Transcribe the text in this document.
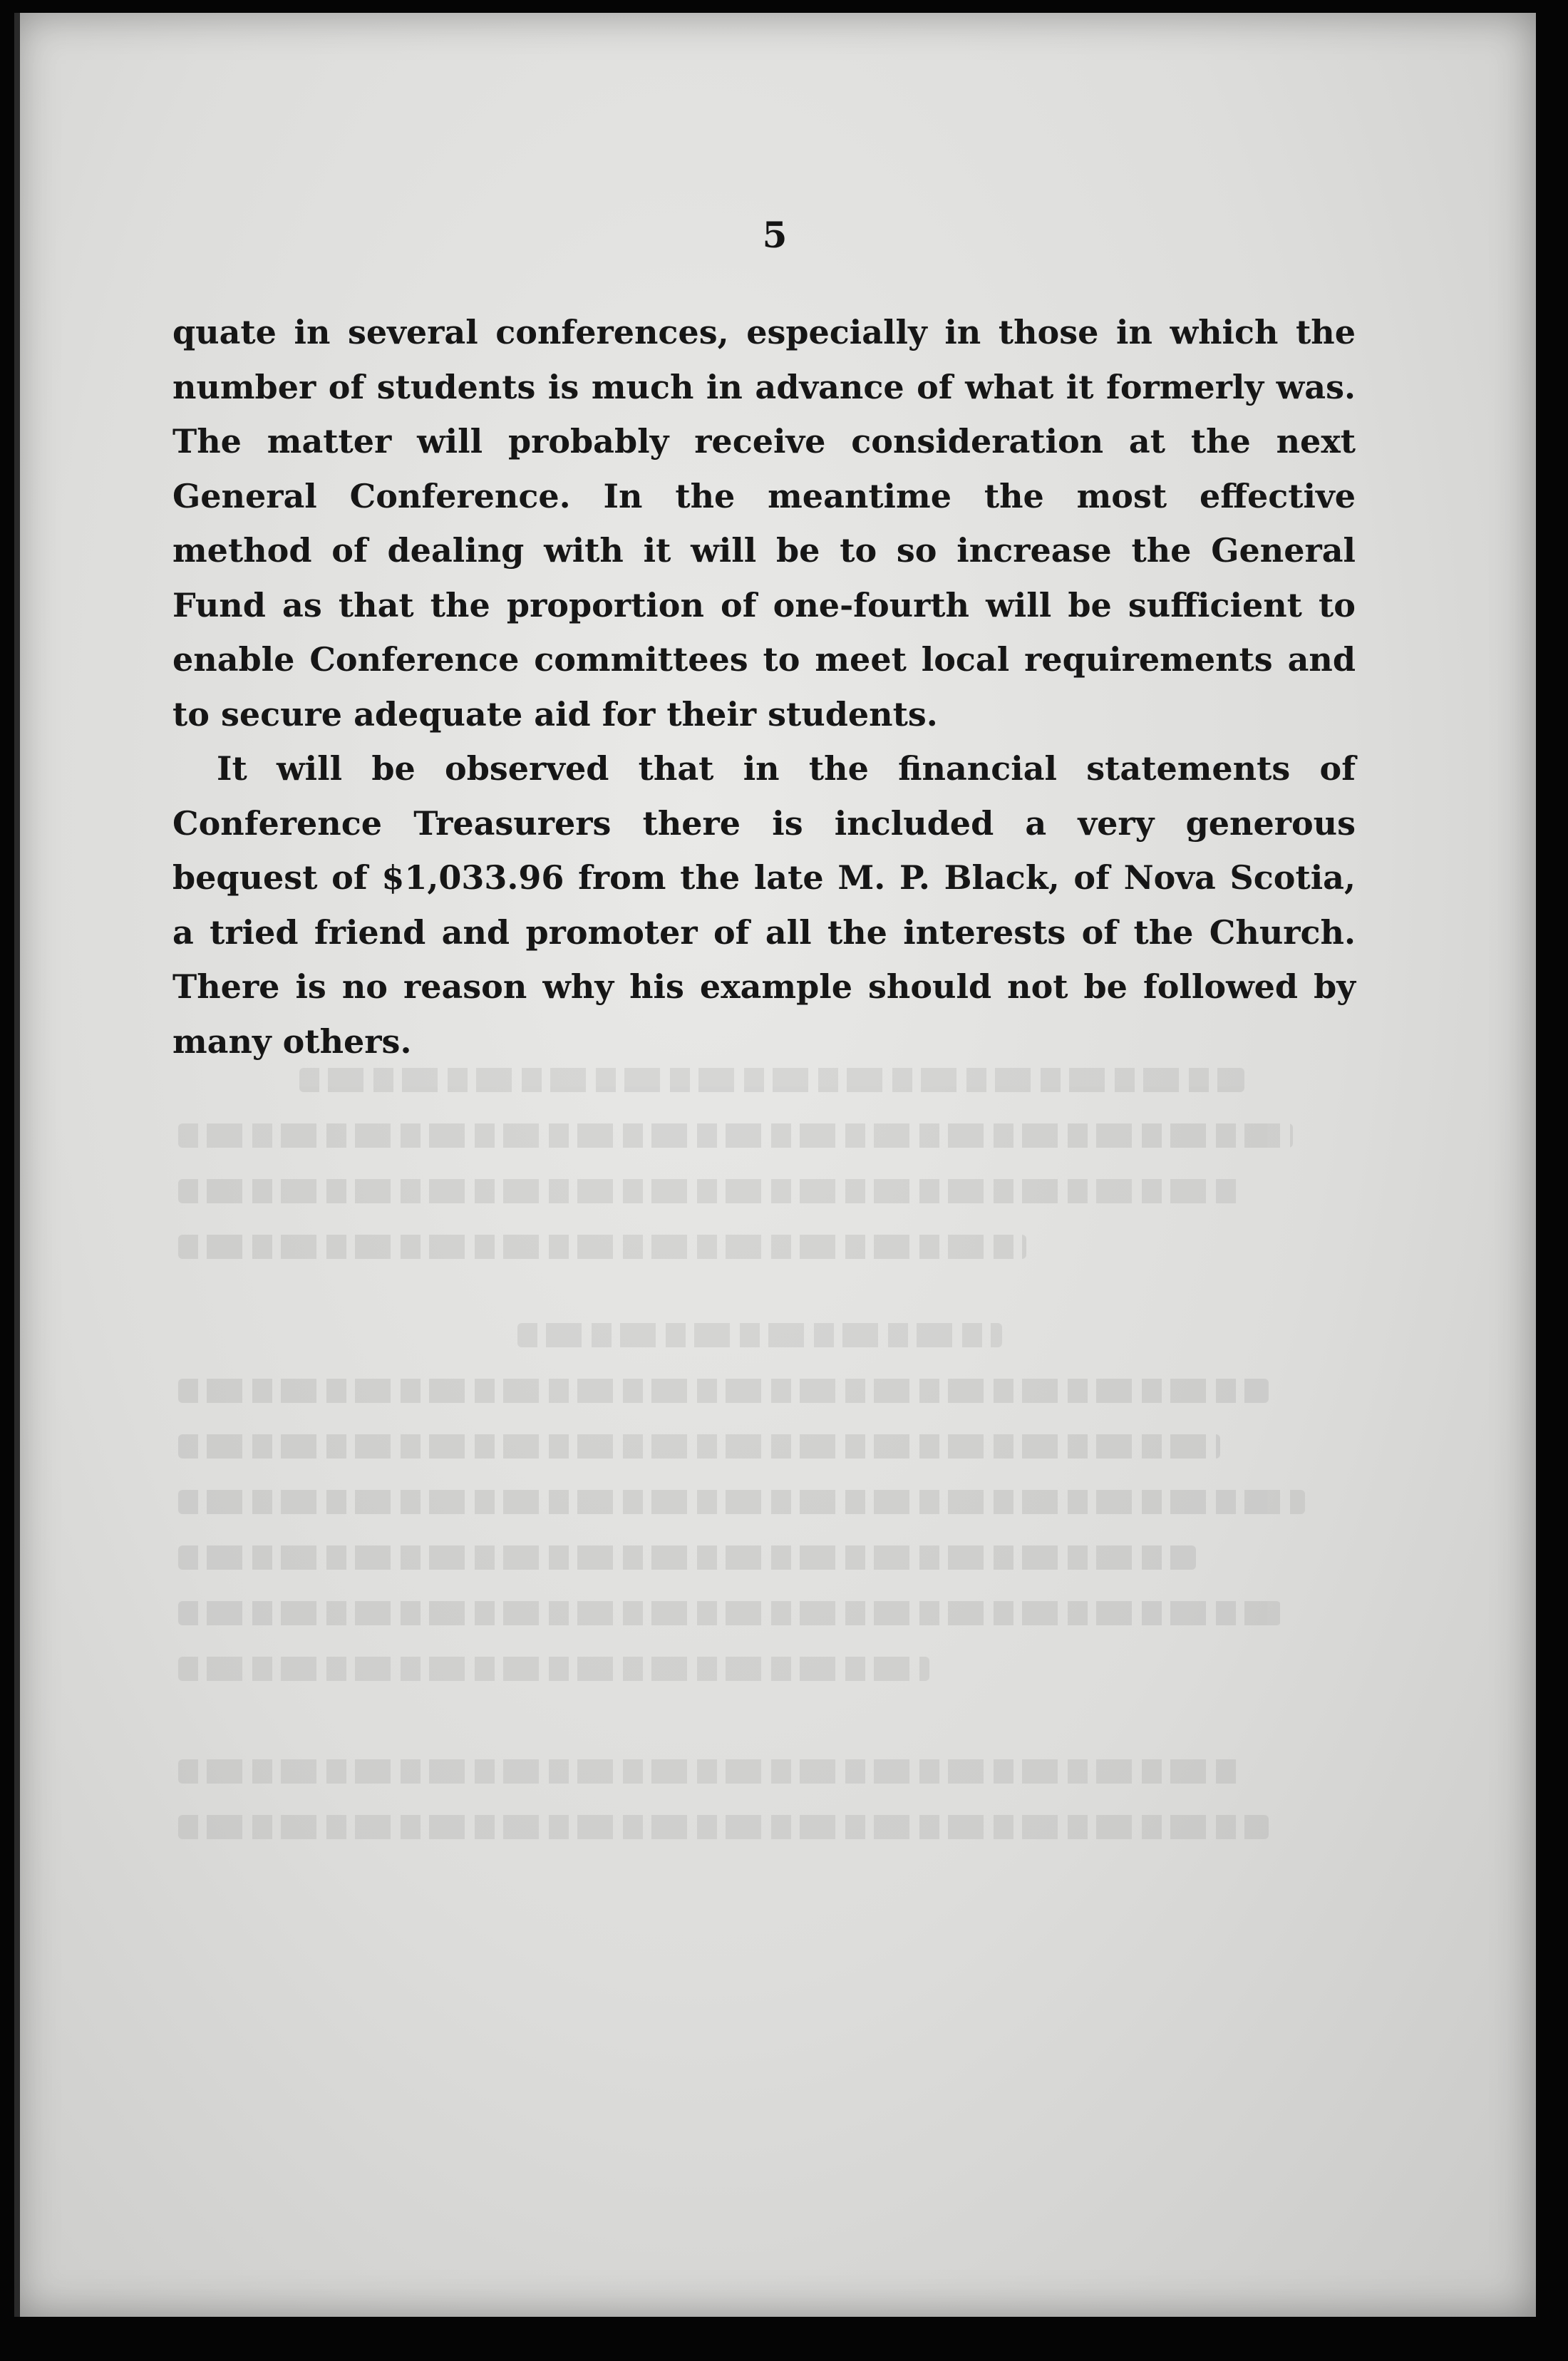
5

quate in several conferences, especially in those in which the number of students is much in advance of what it formerly was. The matter will probably receive consideration at the next General Conference. In the meantime the most effective method of dealing with it will be to so increase the General Fund as that the proportion of one-fourth will be sufficient to enable Conference committees to meet local requirements and to secure adequate aid for their students.

It will be observed that in the financial statements of Conference Treasurers there is included a very generous bequest of $1,033.96 from the late M. P. Black, of Nova Scotia, a tried friend and promoter of all the interests of the Church. There is no reason why his example should not be followed by many others.
